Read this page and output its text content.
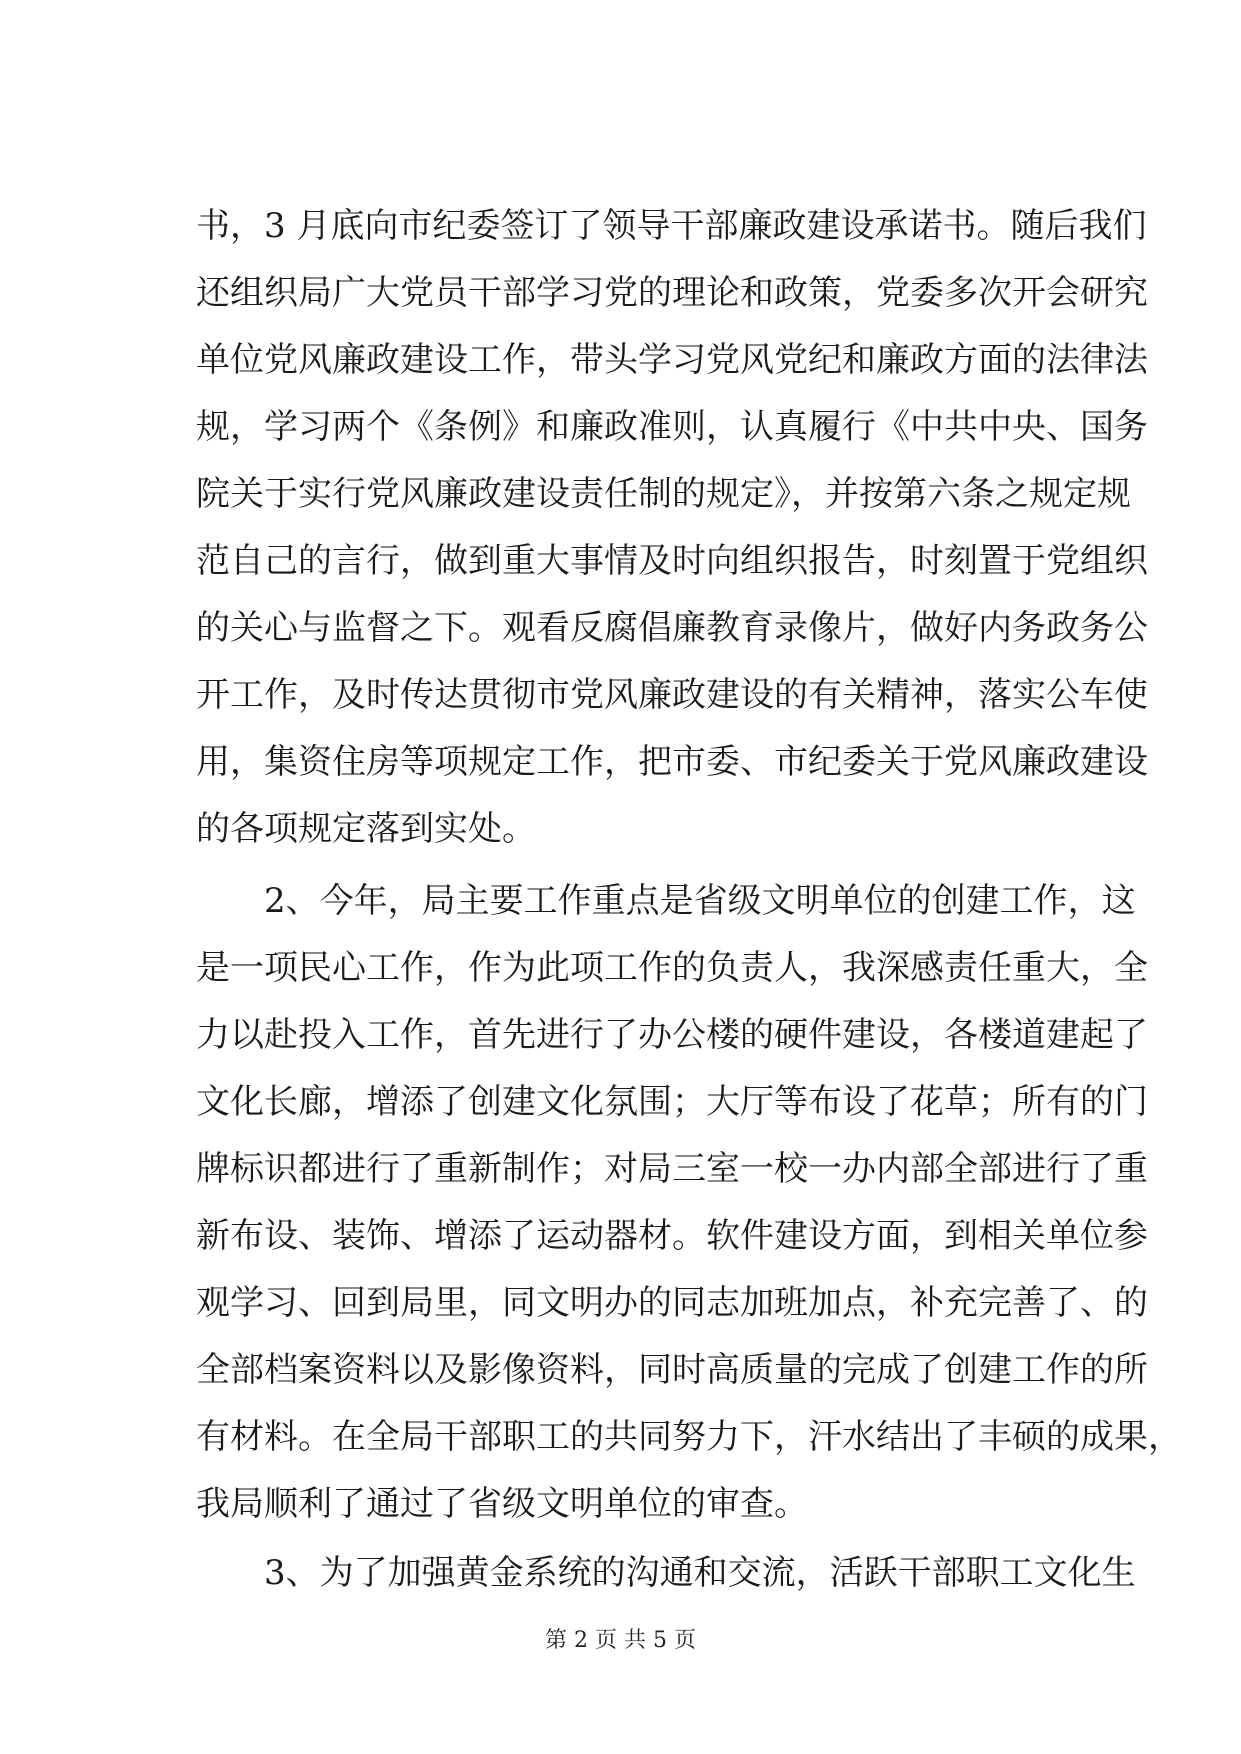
书，3 月底向市纪委签订了领导干部廉政建设承诺书。随后我们
还组织局广大党员干部学习党的理论和政策，党委多次开会研究
单位党风廉政建设工作，带头学习党风党纪和廉政方面的法律法
规，学习两个《条例》和廉政准则，认真履行《中共中央、国务
院关于实行党风廉政建设责任制的规定》，并按第六条之规定规
范自己的言行，做到重大事情及时向组织报告，时刻置于党组织
的关心与监督之下。观看反腐倡廉教育录像片，做好内务政务公
开工作，及时传达贯彻市党风廉政建设的有关精神，落实公车使
用，集资住房等项规定工作，把市委、市纪委关于党风廉政建设
的各项规定落到实处。
2、今年，局主要工作重点是省级文明单位的创建工作，这
是一项民心工作，作为此项工作的负责人，我深感责任重大，全
力以赴投入工作，首先进行了办公楼的硬件建设，各楼道建起了
文化长廊，增添了创建文化氛围；大厅等布设了花草；所有的门
牌标识都进行了重新制作；对局三室一校一办内部全部进行了重
新布设、装饰、增添了运动器材。软件建设方面，到相关单位参
观学习、回到局里，同文明办的同志加班加点，补充完善了、的
全部档案资料以及影像资料，同时高质量的完成了创建工作的所
有材料。在全局干部职工的共同努力下，汗水结出了丰硕的成果，
我局顺利了通过了省级文明单位的审查。
3、为了加强黄金系统的沟通和交流，活跃干部职工文化生
第 2 页 共 5 页
